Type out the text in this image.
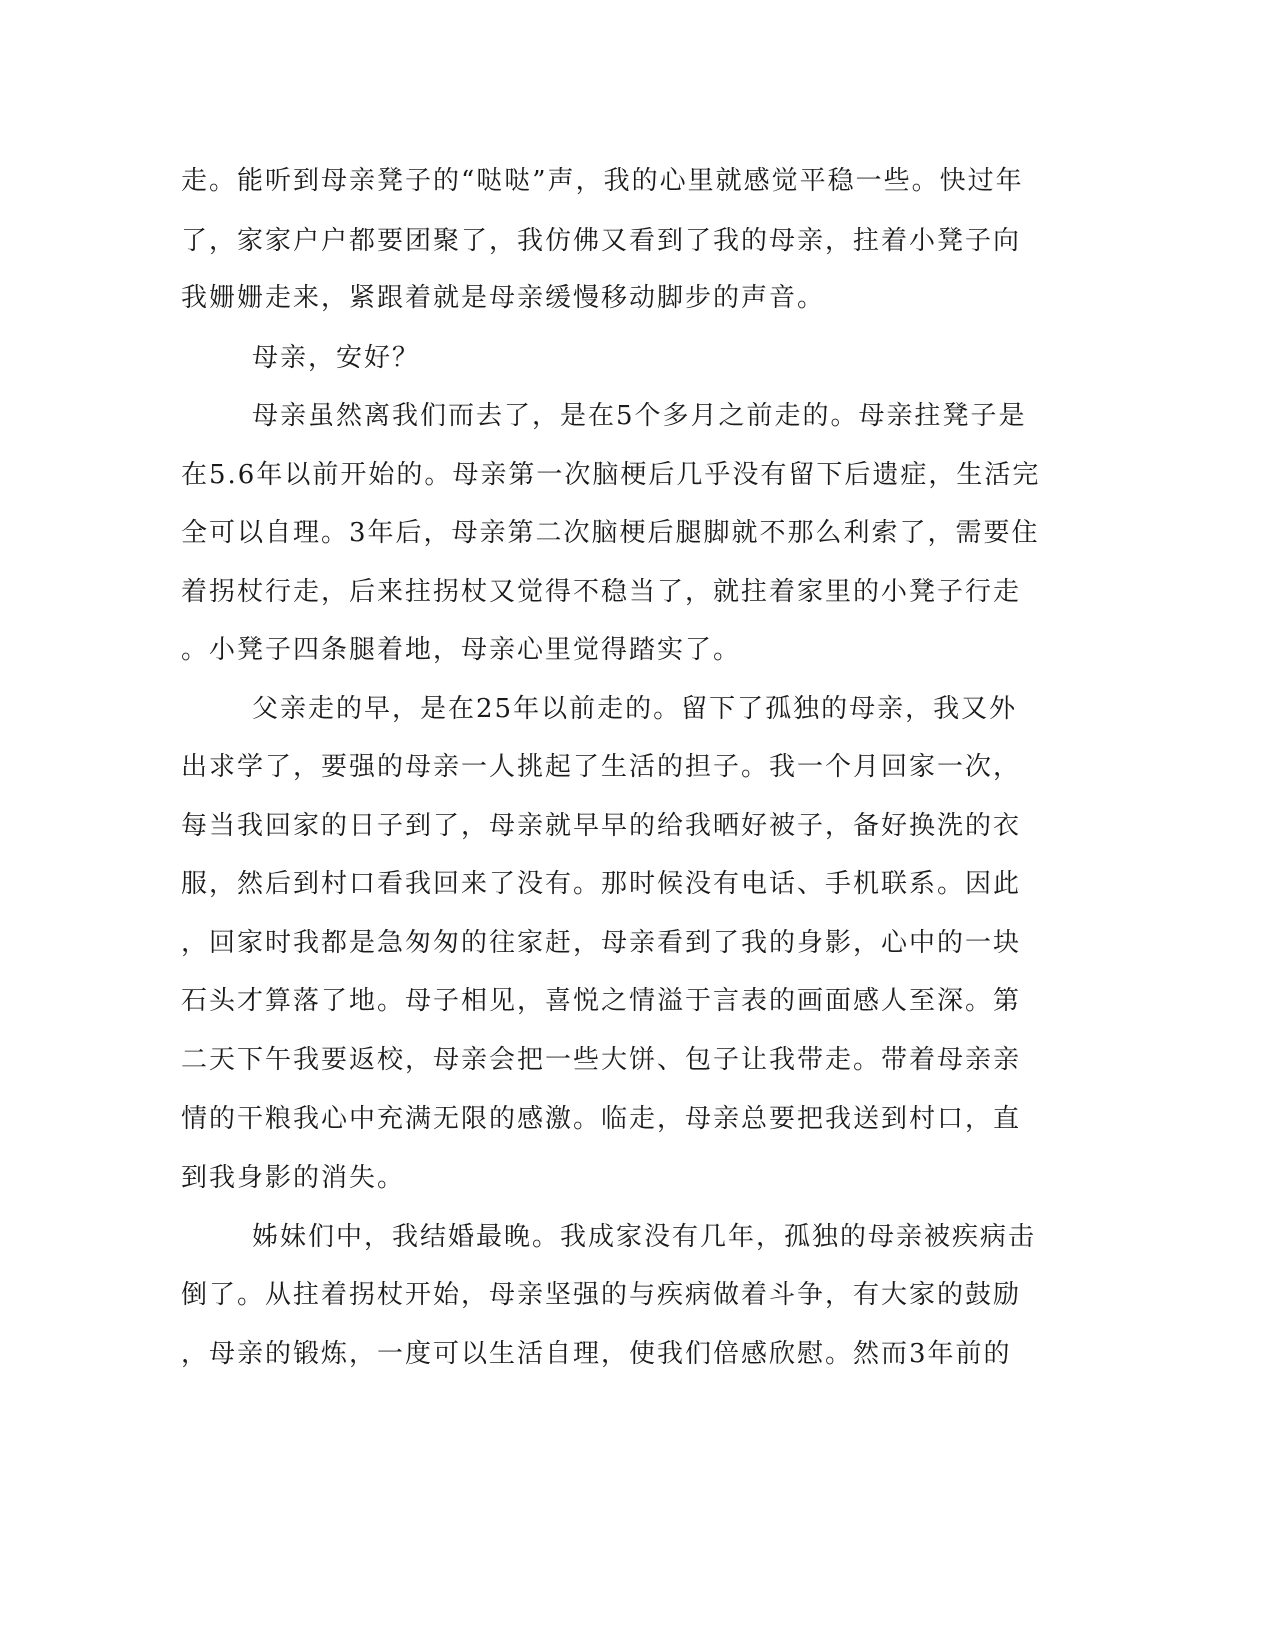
走。能听到母亲凳子的“哒哒”声，我的心里就感觉平稳一些。快过年
了，家家户户都要团聚了，我仿佛又看到了我的母亲，拄着小凳子向
我姗姗走来，紧跟着就是母亲缓慢移动脚步的声音。
母亲，安好？
母亲虽然离我们而去了，是在5个多月之前走的。母亲拄凳子是
在5.6年以前开始的。母亲第一次脑梗后几乎没有留下后遗症，生活完
全可以自理。3年后，母亲第二次脑梗后腿脚就不那么利索了，需要住
着拐杖行走，后来拄拐杖又觉得不稳当了，就拄着家里的小凳子行走
。小凳子四条腿着地，母亲心里觉得踏实了。
父亲走的早，是在25年以前走的。留下了孤独的母亲，我又外
出求学了，要强的母亲一人挑起了生活的担子。我一个月回家一次，
每当我回家的日子到了，母亲就早早的给我晒好被子，备好换洗的衣
服，然后到村口看我回来了没有。那时候没有电话、手机联系。因此
，回家时我都是急匆匆的往家赶，母亲看到了我的身影，心中的一块
石头才算落了地。母子相见，喜悦之情溢于言表的画面感人至深。第
二天下午我要返校，母亲会把一些大饼、包子让我带走。带着母亲亲
情的干粮我心中充满无限的感激。临走，母亲总要把我送到村口，直
到我身影的消失。
姊妹们中，我结婚最晚。我成家没有几年，孤独的母亲被疾病击
倒了。从拄着拐杖开始，母亲坚强的与疾病做着斗争，有大家的鼓励
，母亲的锻炼，一度可以生活自理，使我们倍感欣慰。然而3年前的
